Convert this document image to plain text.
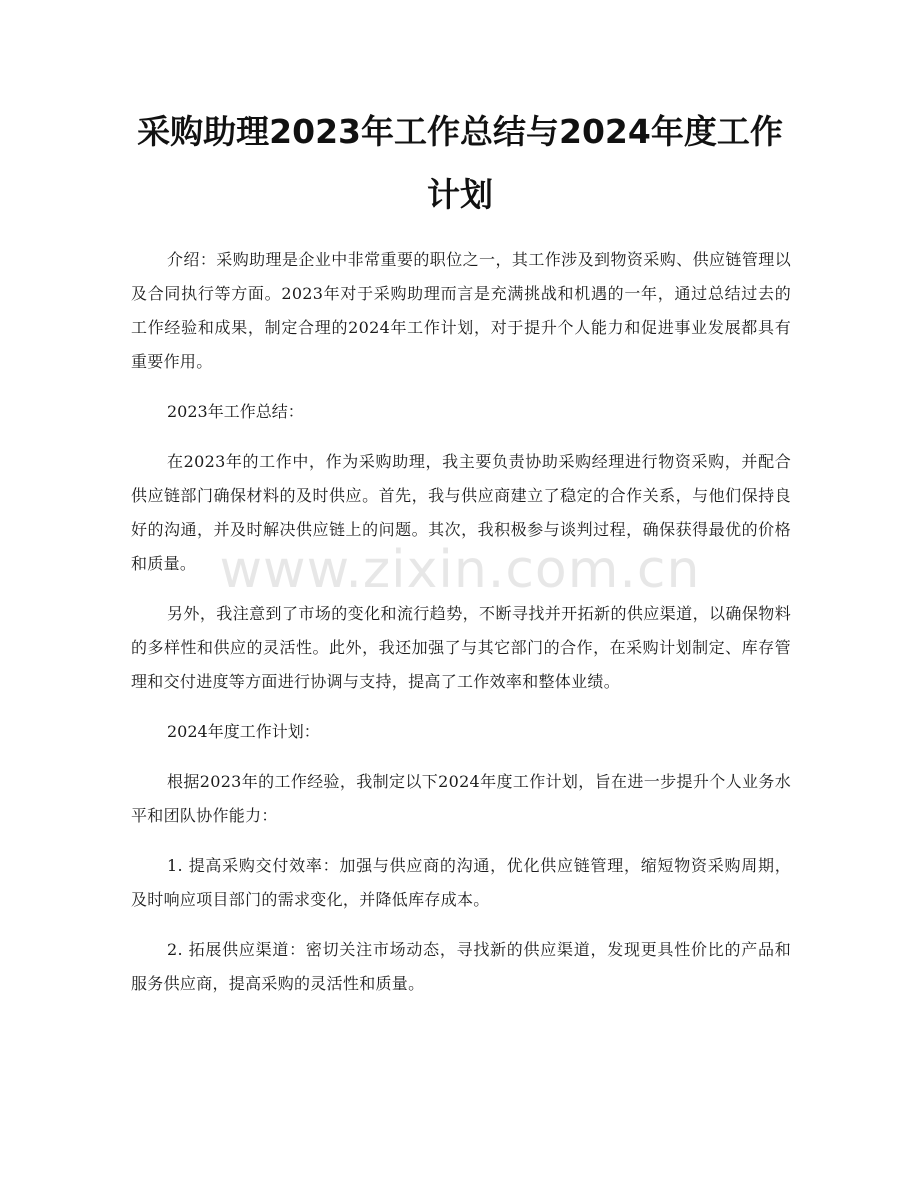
采购助理2023年工作总结与2024年度工作计划

介绍：采购助理是企业中非常重要的职位之一，其工作涉及到物资采购、供应链管理以及合同执行等方面。2023年对于采购助理而言是充满挑战和机遇的一年，通过总结过去的工作经验和成果，制定合理的2024年工作计划，对于提升个人能力和促进事业发展都具有重要作用。

2023年工作总结：

在2023年的工作中，作为采购助理，我主要负责协助采购经理进行物资采购，并配合供应链部门确保材料的及时供应。首先，我与供应商建立了稳定的合作关系，与他们保持良好的沟通，并及时解决供应链上的问题。其次，我积极参与谈判过程，确保获得最优的价格和质量。

另外，我注意到了市场的变化和流行趋势，不断寻找并开拓新的供应渠道，以确保物料的多样性和供应的灵活性。此外，我还加强了与其它部门的合作，在采购计划制定、库存管理和交付进度等方面进行协调与支持，提高了工作效率和整体业绩。

2024年度工作计划：

根据2023年的工作经验，我制定以下2024年度工作计划，旨在进一步提升个人业务水平和团队协作能力：

1. 提高采购交付效率：加强与供应商的沟通，优化供应链管理，缩短物资采购周期，及时响应项目部门的需求变化，并降低库存成本。

2. 拓展供应渠道：密切关注市场动态，寻找新的供应渠道，发现更具性价比的产品和服务供应商，提高采购的灵活性和质量。

www.zixin.com.cn
